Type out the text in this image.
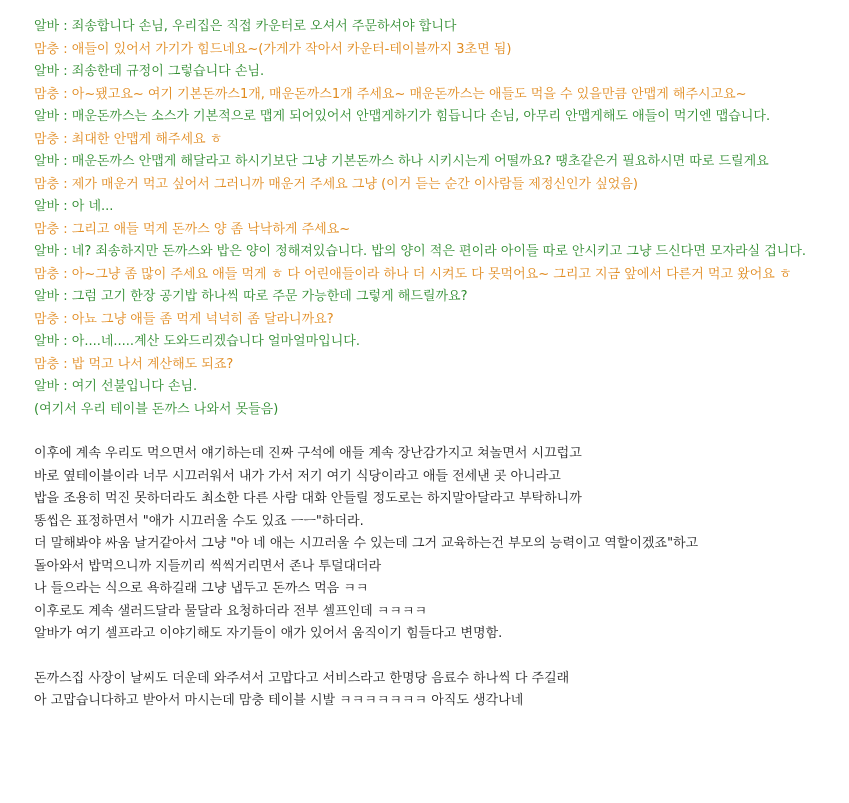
알바 : 죄송합니다 손님, 우리집은 직접 카운터로 오셔서 주문하셔야 합니다

맘충 : 애들이 있어서 가기가 힘드네요~(가게가 작아서 카운터-테이블까지 3초면 됨)

알바 : 죄송한데 규정이 그렇습니다 손님.

맘충 : 아~됐고요~ 여기 기본돈까스1개, 매운돈까스1개 주세요~ 매운돈까스는 애들도 먹을 수 있을만큼 안맵게 해주시고요~

알바 : 매운돈까스는 소스가 기본적으로 맵게 되어있어서 안맵게하기가 힘듭니다 손님, 아무리 안맵게해도 애들이 먹기엔 맵습니다.

맘충 : 최대한 안맵게 해주세요 ㅎ

알바 : 매운돈까스 안맵게 해달라고 하시기보단 그냥 기본돈까스 하나 시키시는게 어떨까요? 땡초같은거 필요하시면 따로 드릴게요

맘충 : 제가 매운거 먹고 싶어서 그러니까 매운거 주세요 그냥 (이거 듣는 순간 이사람들 제정신인가 싶었음)

알바 : 아 네...

맘충 : 그리고 애들 먹게 돈까스 양 좀 낙낙하게 주세요~

알바 : 네? 죄송하지만 돈까스와 밥은 양이 정해져있습니다. 밥의 양이 적은 편이라 아이들 따로 안시키고 그냥 드신다면 모자라실 겁니다.

맘충 : 아~그냥 좀 많이 주세요 애들 먹게 ㅎ 다 어린애들이라 하나 더 시켜도 다 못먹어요~ 그리고 지금 앞에서 다른거 먹고 왔어요 ㅎ

알바 : 그럼 고기 한장 공기밥 하나씩 따로 주문 가능한데 그렇게 해드릴까요?

맘충 : 아뇨 그냥 애들 좀 먹게 넉넉히 좀 달라니까요?

알바 : 아....네.....계산 도와드리겠습니다 얼마얼마입니다.

맘충 : 밥 먹고 나서 계산해도 되죠?

알바 : 여기 선불입니다 손님.

(여기서 우리 테이블 돈까스 나와서 못들음)

이후에 계속 우리도 먹으면서 얘기하는데 진짜 구석에 애들 계속 장난감가지고 쳐놀면서 시끄럽고

바로 옆테이블이라 너무 시끄러워서 내가 가서 저기 여기 식당이라고 애들 전세낸 곳 아니라고

밥을 조용히 먹진 못하더라도 최소한 다른 사람 대화 안들릴 정도로는 하지말아달라고 부탁하니까

똥씹은 표정하면서 "애가 시끄러울 수도 있죠 ㅡㅡ"하더라.

더 말해봐야 싸움 날거같아서 그냥 "아 네 애는 시끄러울 수 있는데 그거 교육하는건 부모의 능력이고 역할이겠죠"하고

돌아와서 밥먹으니까 지들끼리 씩씩거리면서 존나 투덜대더라

나 들으라는 식으로 욕하길래 그냥 냅두고 돈까스 먹음 ㅋㅋ

이후로도 계속 샐러드달라 물달라 요청하더라 전부 셀프인데 ㅋㅋㅋㅋ

알바가 여기 셀프라고 이야기해도 자기들이 애가 있어서 움직이기 힘들다고 변명함.

돈까스집 사장이 날씨도 더운데 와주셔서 고맙다고 서비스라고 한명당 음료수 하나씩 다 주길래

아 고맙습니다하고 받아서 마시는데 맘충 테이블 시발 ㅋㅋㅋㅋㅋㅋㅋ 아직도 생각나네
